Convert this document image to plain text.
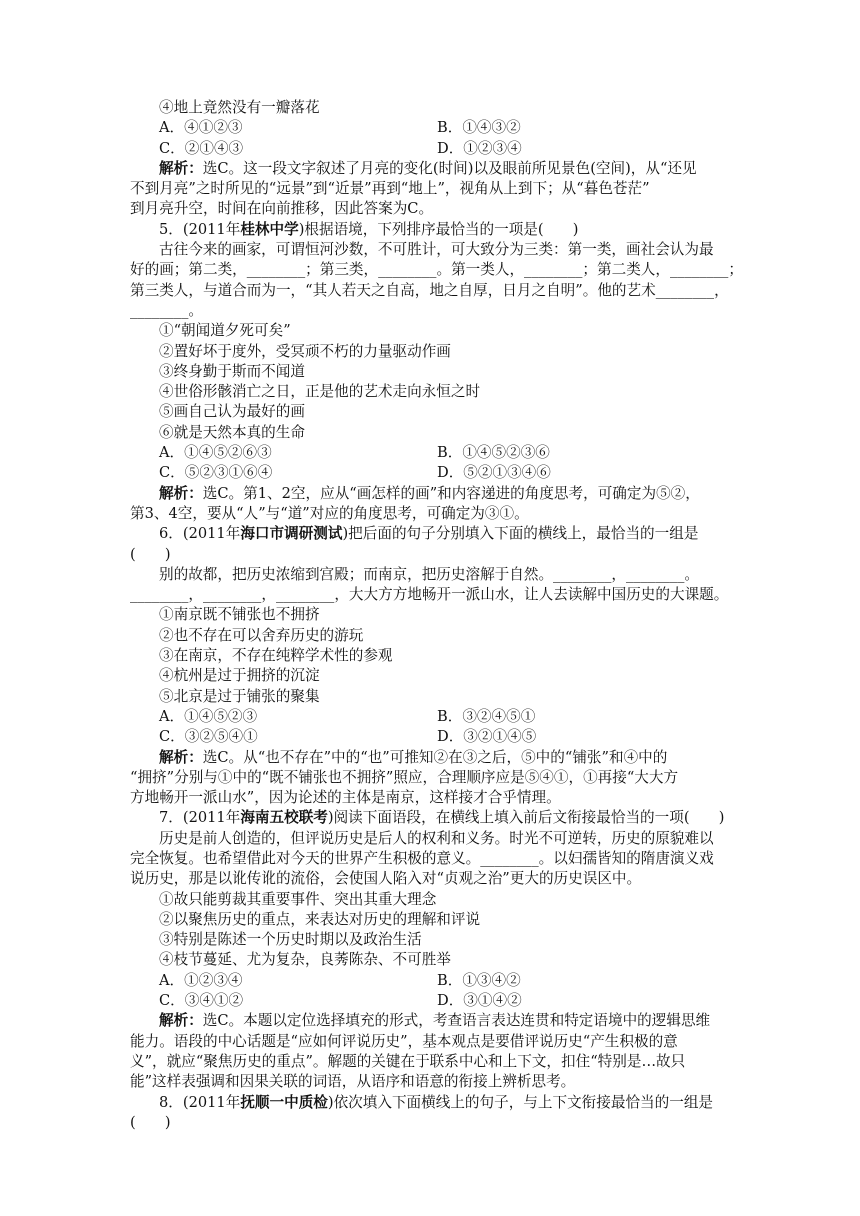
④地上竟然没有一瓣落花
A．④①②③	B．①④③②
C．②①④③	D．①②③④
解析：选C。这一段文字叙述了月亮的变化(时间)以及眼前所见景色(空间)，从“还见
不到月亮”之时所见的“远景”到“近景”再到“地上”，视角从上到下；从“暮色苍茫”
到月亮升空，时间在向前推移，因此答案为C。
5．(2011年桂林中学)根据语境，下列排序最恰当的一项是(　　)
古往今来的画家，可谓恒河沙数，不可胜计，可大致分为三类：第一类，画社会认为最
好的画；第二类，________；第三类，________。第一类人，________；第二类人，________；
第三类人，与道合而为一，“其人若天之自高，地之自厚，日月之自明”。他的艺术________，
________。
①“朝闻道夕死可矣”
②置好坏于度外，受冥顽不朽的力量驱动作画
③终身勤于斯而不闻道
④世俗形骸消亡之日，正是他的艺术走向永恒之时
⑤画自己认为最好的画
⑥就是天然本真的生命
A．①④⑤②⑥③	B．①④⑤②③⑥
C．⑤②③①⑥④	D．⑤②①③④⑥
解析：选C。第1、2空，应从“画怎样的画”和内容递进的角度思考，可确定为⑤②，
第3、4空，要从“人”与“道”对应的角度思考，可确定为③①。
6．(2011年海口市调研测试)把后面的句子分别填入下面的横线上，最恰当的一组是
(　　)
别的故都，把历史浓缩到宫殿；而南京，把历史溶解于自然。________，________。
________，________，________，大大方方地畅开一派山水，让人去读解中国历史的大课题。
①南京既不铺张也不拥挤
②也不存在可以舍弃历史的游玩
③在南京，不存在纯粹学术性的参观
④杭州是过于拥挤的沉淀
⑤北京是过于铺张的聚集
A．①④⑤②③	B．③②④⑤①
C．③②⑤④①	D．③②①④⑤
解析：选C。从“也不存在”中的“也”可推知②在③之后，⑤中的“铺张”和④中的
“拥挤”分别与①中的“既不铺张也不拥挤”照应，合理顺序应是⑤④①，①再接“大大方
方地畅开一派山水”，因为论述的主体是南京，这样接才合乎情理。
7．(2011年海南五校联考)阅读下面语段，在横线上填入前后文衔接最恰当的一项(　　)
历史是前人创造的，但评说历史是后人的权利和义务。时光不可逆转，历史的原貌难以
完全恢复。也希望借此对今天的世界产生积极的意义。________。以妇孺皆知的隋唐演义戏
说历史，那是以讹传讹的流俗，会使国人陷入对“贞观之治”更大的历史误区中。
①故只能剪裁其重要事件、突出其重大理念
②以聚焦历史的重点，来表达对历史的理解和评说
③特别是陈述一个历史时期以及政治生活
④枝节蔓延、尤为复杂，良莠陈杂、不可胜举
A．①②③④	B．①③④②
C．③④①②	D．③①④②
解析：选C。本题以定位选择填充的形式，考查语言表达连贯和特定语境中的逻辑思维
能力。语段的中心话题是“应如何评说历史”，基本观点是要借评说历史“产生积极的意
义”，就应“聚焦历史的重点”。解题的关键在于联系中心和上下文，扣住“特别是…故只
能”这样表强调和因果关联的词语，从语序和语意的衔接上辨析思考。
8．(2011年抚顺一中质检)依次填入下面横线上的句子，与上下文衔接最恰当的一组是
(　　)
